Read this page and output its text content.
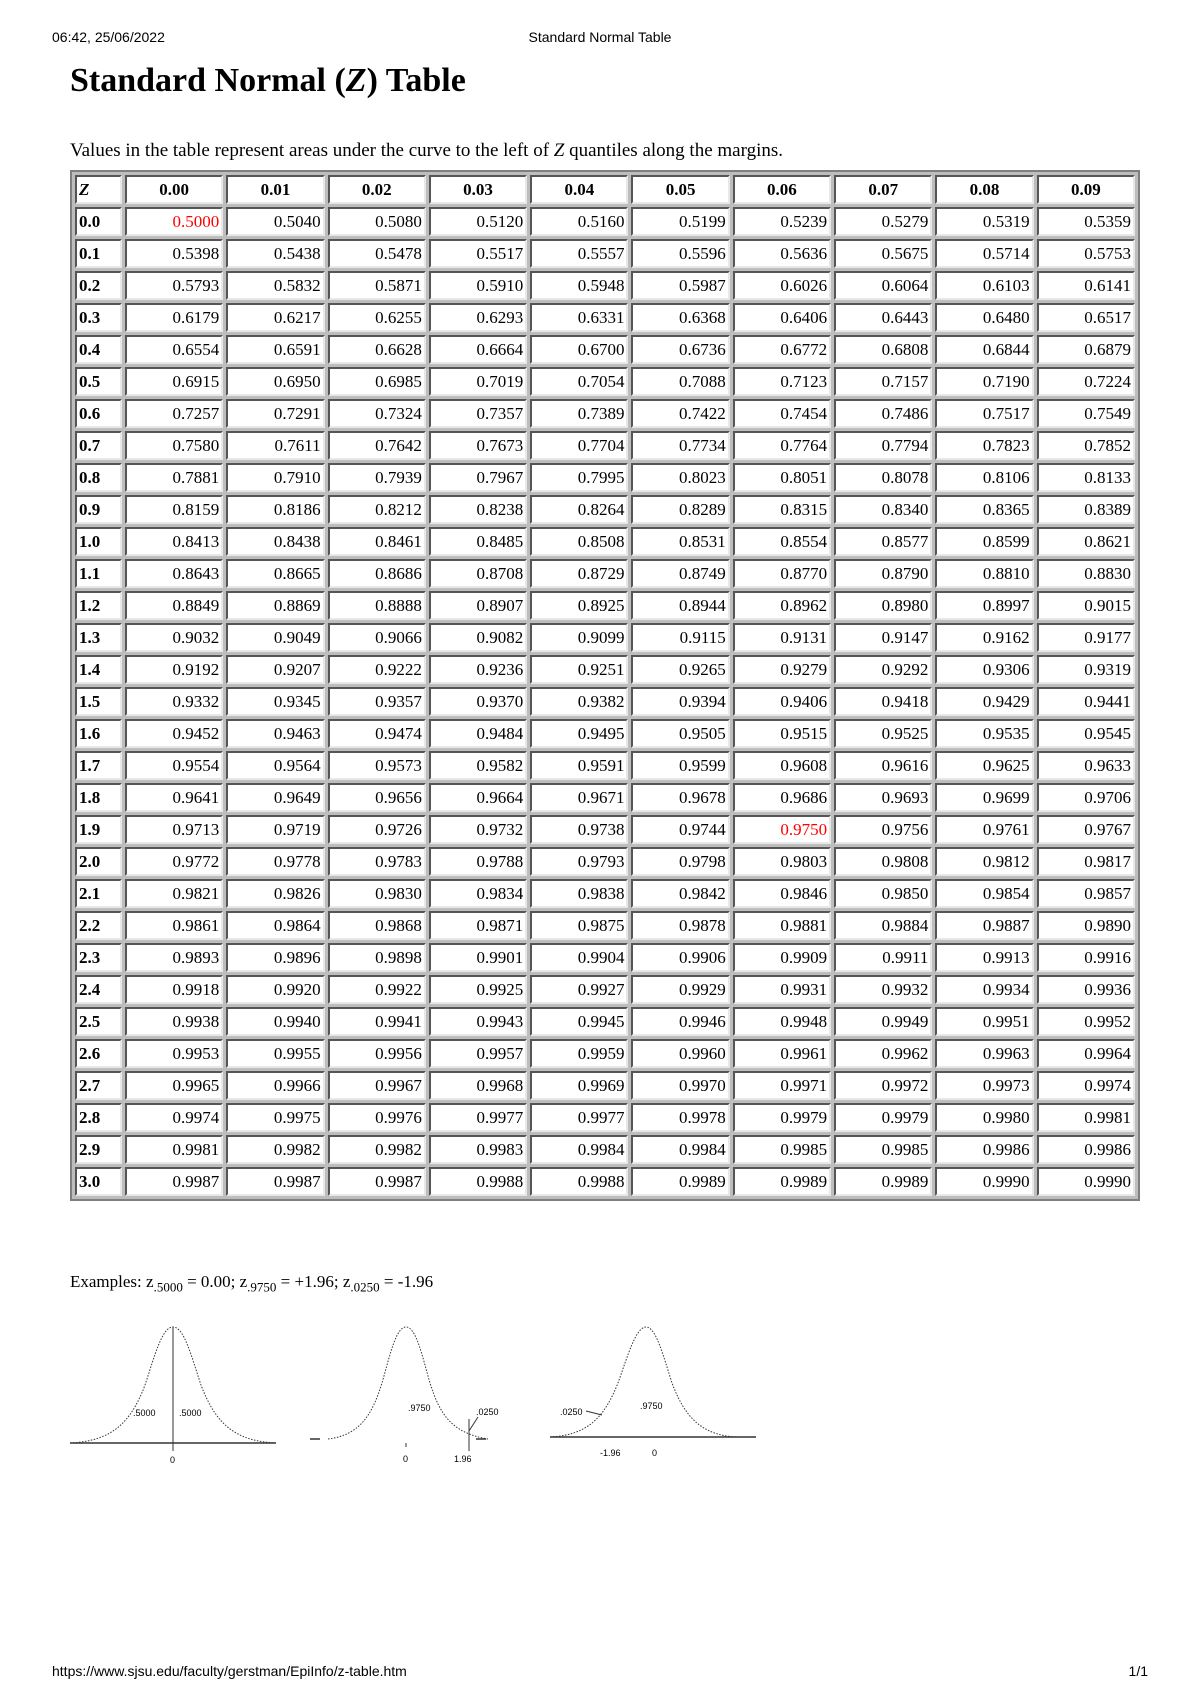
06:42, 25/06/2022	Standard Normal Table
Standard Normal (Z) Table
Values in the table represent areas under the curve to the left of Z quantiles along the margins.
Z	0.00	0.01	0.02	0.03	0.04	0.05	0.06	0.07	0.08	0.09
0.0	0.5000	0.5040	0.5080	0.5120	0.5160	0.5199	0.5239	0.5279	0.5319	0.5359
0.1	0.5398	0.5438	0.5478	0.5517	0.5557	0.5596	0.5636	0.5675	0.5714	0.5753
0.2	0.5793	0.5832	0.5871	0.5910	0.5948	0.5987	0.6026	0.6064	0.6103	0.6141
0.3	0.6179	0.6217	0.6255	0.6293	0.6331	0.6368	0.6406	0.6443	0.6480	0.6517
0.4	0.6554	0.6591	0.6628	0.6664	0.6700	0.6736	0.6772	0.6808	0.6844	0.6879
0.5	0.6915	0.6950	0.6985	0.7019	0.7054	0.7088	0.7123	0.7157	0.7190	0.7224
0.6	0.7257	0.7291	0.7324	0.7357	0.7389	0.7422	0.7454	0.7486	0.7517	0.7549
0.7	0.7580	0.7611	0.7642	0.7673	0.7704	0.7734	0.7764	0.7794	0.7823	0.7852
0.8	0.7881	0.7910	0.7939	0.7967	0.7995	0.8023	0.8051	0.8078	0.8106	0.8133
0.9	0.8159	0.8186	0.8212	0.8238	0.8264	0.8289	0.8315	0.8340	0.8365	0.8389
1.0	0.8413	0.8438	0.8461	0.8485	0.8508	0.8531	0.8554	0.8577	0.8599	0.8621
1.1	0.8643	0.8665	0.8686	0.8708	0.8729	0.8749	0.8770	0.8790	0.8810	0.8830
1.2	0.8849	0.8869	0.8888	0.8907	0.8925	0.8944	0.8962	0.8980	0.8997	0.9015
1.3	0.9032	0.9049	0.9066	0.9082	0.9099	0.9115	0.9131	0.9147	0.9162	0.9177
1.4	0.9192	0.9207	0.9222	0.9236	0.9251	0.9265	0.9279	0.9292	0.9306	0.9319
1.5	0.9332	0.9345	0.9357	0.9370	0.9382	0.9394	0.9406	0.9418	0.9429	0.9441
1.6	0.9452	0.9463	0.9474	0.9484	0.9495	0.9505	0.9515	0.9525	0.9535	0.9545
1.7	0.9554	0.9564	0.9573	0.9582	0.9591	0.9599	0.9608	0.9616	0.9625	0.9633
1.8	0.9641	0.9649	0.9656	0.9664	0.9671	0.9678	0.9686	0.9693	0.9699	0.9706
1.9	0.9713	0.9719	0.9726	0.9732	0.9738	0.9744	0.9750	0.9756	0.9761	0.9767
2.0	0.9772	0.9778	0.9783	0.9788	0.9793	0.9798	0.9803	0.9808	0.9812	0.9817
2.1	0.9821	0.9826	0.9830	0.9834	0.9838	0.9842	0.9846	0.9850	0.9854	0.9857
2.2	0.9861	0.9864	0.9868	0.9871	0.9875	0.9878	0.9881	0.9884	0.9887	0.9890
2.3	0.9893	0.9896	0.9898	0.9901	0.9904	0.9906	0.9909	0.9911	0.9913	0.9916
2.4	0.9918	0.9920	0.9922	0.9925	0.9927	0.9929	0.9931	0.9932	0.9934	0.9936
2.5	0.9938	0.9940	0.9941	0.9943	0.9945	0.9946	0.9948	0.9949	0.9951	0.9952
2.6	0.9953	0.9955	0.9956	0.9957	0.9959	0.9960	0.9961	0.9962	0.9963	0.9964
2.7	0.9965	0.9966	0.9967	0.9968	0.9969	0.9970	0.9971	0.9972	0.9973	0.9974
2.8	0.9974	0.9975	0.9976	0.9977	0.9977	0.9978	0.9979	0.9979	0.9980	0.9981
2.9	0.9981	0.9982	0.9982	0.9983	0.9984	0.9984	0.9985	0.9985	0.9986	0.9986
3.0	0.9987	0.9987	0.9987	0.9988	0.9988	0.9989	0.9989	0.9989	0.9990	0.9990
Examples: $z_{.5000} = 0.00$; $z_{.9750} = +1.96$; $z_{.0250} = -1.96$
.5000	.5000
0
.9750	.0250
0	1.96
.0250
.9750
-1.96	0
https://www.sjsu.edu/faculty/gerstman/EpiInfo/z-table.htm	1/1
